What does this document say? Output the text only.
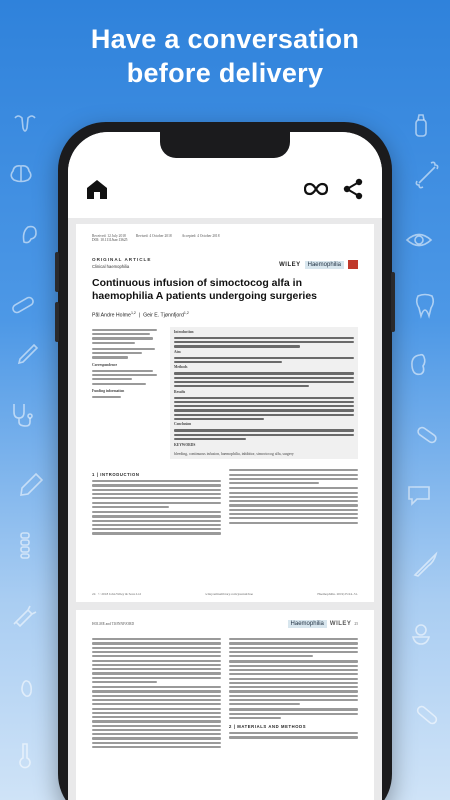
Have a conversation
before delivery
Received: 12 July 2018	Revised: 4 October 2018	Accepted: 4 October 2018
DOI: 10.1111/hae.13625
WILEY	Haemophilia
ORIGINAL ARTICLE
Clinical haemophilia
Continuous infusion of simoctocog alfa in haemophilia A patients undergoing surgeries
Pål Andre Holme$^{1,2}$  |  Geir E. Tjønnfjord$^{1,2}$
Correspondence
Funding information
Introduction
Aim
Methods
Results
Conclusion
KEYWORDS
bleeding, continuous infusion, haemophilia, inhibitor, simoctocog alfa, surgery
1 | INTRODUCTION
24 © 2018 John Wiley & Sons Ltd	wileyonlinelibrary.com/journal/hae	Haemophilia. 2019;25:24–31.
HOLME and TJØNNFJORD	Haemophilia	WILEY 25
2 | MATERIALS AND METHODS
